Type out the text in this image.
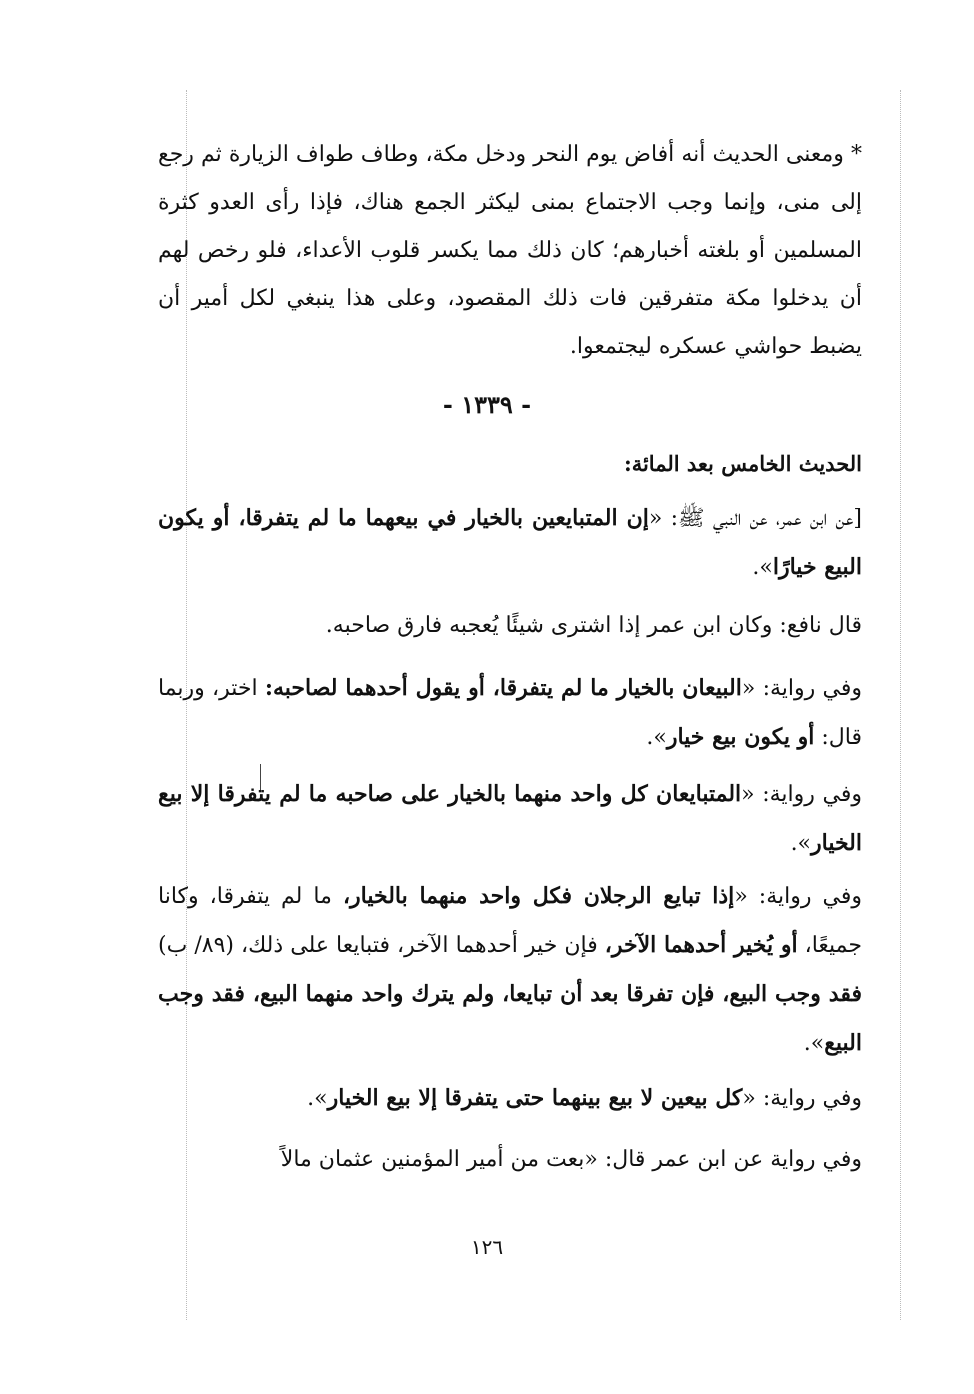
* ومعنى الحديث أنه أفاض يوم النحر ودخل مكة، وطاف طواف الزيارة ثم رجع إلى منى، وإنما وجب الاجتماع بمنى ليكثر الجمع هناك، فإذا رأى العدو كثرة المسلمين أو بلغته أخبارهم؛ كان ذلك مما يكسر قلوب الأعداء، فلو رخص لهم أن يدخلوا مكة متفرقين فات ذلك المقصود، وعلى هذا ينبغي لكل أمير أن يضبط حواشي عسكره ليجتمعوا.
- ١٣٣٩ -
الحديث الخامس بعد المائة:
[عن ابن عمر، عن النبي ﷺ: «إن المتبايعين بالخيار في بيعهما ما لم يتفرقا، أو يكون البيع خيارًا».
قال نافع: وكان ابن عمر إذا اشترى شيئًا يُعجبه فارق صاحبه.
وفي رواية: «البيعان بالخيار ما لم يتفرقا، أو يقول أحدهما لصاحبه: اختر، وربما قال: أو يكون بيع خيار».
وفي رواية: «المتبايعان كل واحد منهما بالخيار على صاحبه ما لم يتفرقا إلا بيع الخيار».
وفي رواية: «إذا تبايع الرجلان فكل واحد منهما بالخيار، ما لم يتفرقا، وكانا جميعًا، أو يُخير أحدهما الآخر، فإن خير أحدهما الآخر، فتبايعا على ذلك، (٨٩/ ب) فقد وجب البيع، فإن تفرقا بعد أن تبايعا، ولم يترك واحد منهما البيع، فقد وجب البيع».
وفي رواية: «كل بيعين لا بيع بينهما حتى يتفرقا إلا بيع الخيار».
وفي رواية عن ابن عمر قال: «بعت من أمير المؤمنين عثمان مالاً
١٢٦
